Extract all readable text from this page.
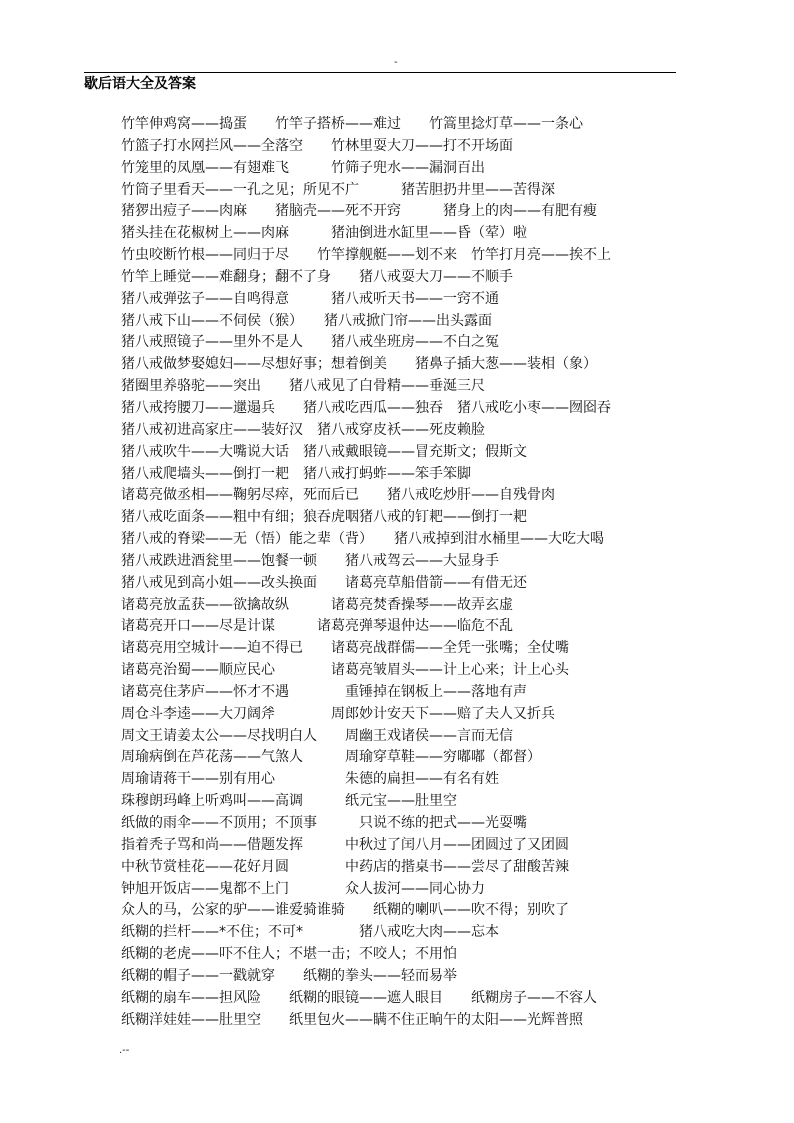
-
歇后语大全及答案
竹竿伸鸡窝——捣蛋　　竹竿子搭桥——难过　　竹篙里捻灯草——一条心
竹篮子打水网拦风——全落空　　竹林里耍大刀——打不开场面
竹笼里的凤凰——有翅难飞　　　竹筛子兜水——漏洞百出
竹筒子里看天——一孔之见；所见不广　　　猪苦胆扔井里——苦得深
猪猡出痘子——肉麻　　猪脑壳——死不开窍　　　猪身上的肉——有肥有瘦
猪头挂在花椒树上——肉麻　　　猪油倒进水缸里——昏（荤）啦
竹虫咬断竹根——同归于尽　　竹竿撑舰艇——划不来　竹竿打月亮——挨不上
竹竿上睡觉——难翻身；翻不了身　　猪八戒耍大刀——不顺手
猪八戒弹弦子——自鸣得意　　　猪八戒听天书——一窍不通
猪八戒下山——不伺侯（猴）　　猪八戒掀门帘——出头露面
猪八戒照镜子——里外不是人　　猪八戒坐班房——不白之冤
猪八戒做梦娶媳妇——尽想好事；想着倒美　　猪鼻子插大葱——装相（象）
猪圈里养骆驼——突出　　猪八戒见了白骨精——垂涎三尺
猪八戒挎腰刀——邋遢兵　　猪八戒吃西瓜——独吞　猪八戒吃小枣——囫囵吞
猪八戒初进高家庄——装好汉　猪八戒穿皮袄——死皮赖脸
猪八戒吹牛——大嘴说大话　猪八戒戴眼镜——冒充斯文；假斯文
猪八戒爬墙头——倒打一耙　猪八戒打蚂蚱——笨手笨脚
诸葛亮做丞相——鞠躬尽瘁，死而后已　　猪八戒吃炒肝——自残骨肉
猪八戒吃面条——粗中有细；狼吞虎咽猪八戒的钉耙——倒打一耙
猪八戒的脊梁——无（悟）能之辈（背）　　猪八戒掉到泔水桶里——大吃大喝
猪八戒跌进酒瓮里——饱餐一顿　　猪八戒驾云——大显身手
猪八戒见到高小姐——改头换面　　诸葛亮草船借箭——有借无还
诸葛亮放孟获——欲擒故纵　　　诸葛亮焚香操琴——故弄玄虚
诸葛亮开口——尽是计谋　　　诸葛亮弹琴退仲达——临危不乱
诸葛亮用空城计——迫不得已　　诸葛亮战群儒——全凭一张嘴；全仗嘴
诸葛亮治蜀——顺应民心　　　　诸葛亮皱眉头——计上心来；计上心头
诸葛亮住茅庐——怀才不遇　　　　重锤掉在钢板上——落地有声
周仓斗李逵——大刀阔斧　　　　周郎妙计安天下——赔了夫人又折兵
周文王请姜太公——尽找明白人　　周幽王戏诸侯——言而无信
周瑜病倒在芦花荡——气煞人　　　周瑜穿草鞋——穷嘟嘟（都督）
周瑜请蒋干——别有用心　　　　　朱德的扁担——有名有姓
珠穆朗玛峰上听鸡叫——高调　　　纸元宝——肚里空
纸做的雨伞——不顶用；不顶事　　　只说不练的把式——光耍嘴
指着秃子骂和尚——借题发挥　　　中秋过了闰八月——团圆过了又团圆
中秋节赏桂花——花好月圆　　　　中药店的揩桌书——尝尽了甜酸苦辣
钟旭开饭店——鬼都不上门　　　　众人拔河——同心协力
众人的马，公家的驴——谁爱骑谁骑　　纸糊的喇叭——吹不得；别吹了
纸糊的拦杆——*不住；不可*　　　　猪八戒吃大肉——忘本
纸糊的老虎——吓不住人；不堪一击；不咬人；不用怕
纸糊的帽子——一戳就穿　　纸糊的拳头——轻而易举
纸糊的扇车——担风险　　纸糊的眼镜——遮人眼目　　纸糊房子——不容人
纸糊洋娃娃——肚里空　　纸里包火——瞒不住正晌午的太阳——光辉普照
.--
